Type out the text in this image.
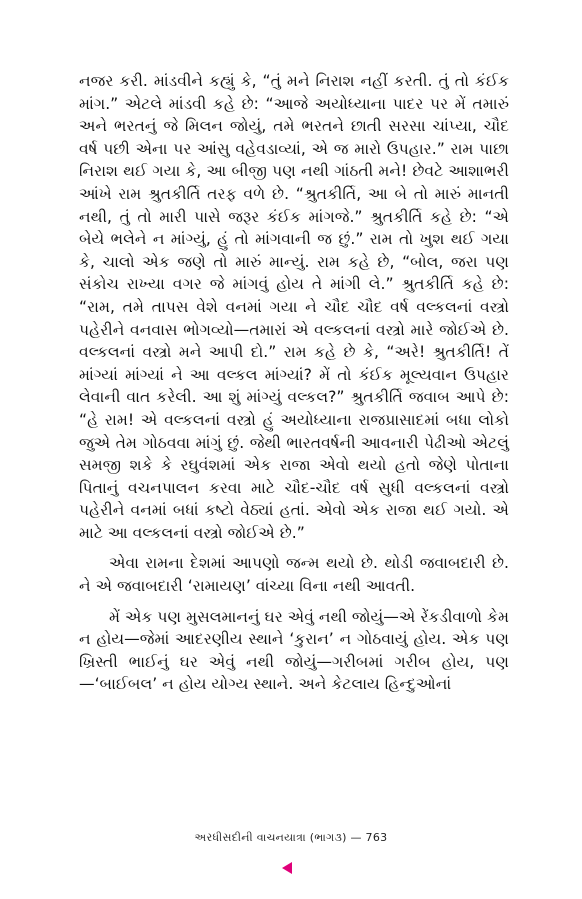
નજર કરી. માંડવીને કહ્યું કે, “તું મને નિરાશ નહીં કરતી. તું તો કંઈક માંગ.” એટલે માંડવી કહે છે: “આજે અયોધ્યાના પાદર પર મેં તમારું અને ભરતનું જે મિલન જોયું, તમે ભરતને છાતી સરસા ચાંપ્યા, ચૌદ વર્ષ પછી એના પર આંસુ વહેવડાવ્યાં, એ જ મારો ઉપહાર.” રામ પાછા નિરાશ થઈ ગયા કે, આ બીજી પણ નથી ગાંઠતી મને! છેવટે આશાભરી આંખે રામ શ્રુતકીર્તિ તરફ વળે છે. “શ્રુતકીર્તિ, આ બે તો મારું માનતી નથી, તું તો મારી પાસે જરૂર કંઈક માંગજે.” શ્રુતકીર્તિ કહે છે: “એ બેયે ભલેને ન માંગ્યું, હું તો માંગવાની જ છું.” રામ તો ખુશ થઈ ગયા કે, ચાલો એક જણે તો મારું માન્યું. રામ કહે છે, “બોલ, જરા પણ સંકોચ રાખ્યા વગર જે માંગવું હોય તે માંગી લે.” શ્રુતકીર્તિ કહે છે: “રામ, તમે તાપસ વેશે વનમાં ગયા ને ચૌદ ચૌદ વર્ષ વલ્કલનાં વસ્ત્રો પહેરીને વનવાસ ભોગવ્યો—તમારાં એ વલ્કલનાં વસ્ત્રો મારે જોઈએ છે. વલ્કલનાં વસ્ત્રો મને આપી દો.” રામ કહે છે કે, “અરે! શ્રુતકીર્તિ! તેં માંગ્યાં માંગ્યાં ને આ વલ્કલ માંગ્યાં? મેં તો કંઈક મૂલ્યવાન ઉપહાર લેવાની વાત કરેલી. આ શું માંગ્યું વલ્કલ?” શ્રુતકીર્તિ જવાબ આપે છે: “હે રામ! એ વલ્કલનાં વસ્ત્રો હું અયોધ્યાના રાજપ્રાસાદમાં બધા લોકો જુએ તેમ ગોઠવવા માંગું છું. જેથી ભારતવર્ષની આવનારી પેઢીઓ એટલું સમજી શકે કે રઘુવંશમાં એક રાજા એવો થયો હતો જેણે પોતાના પિતાનું વચનપાલન કરવા માટે ચૌદ-ચૌદ વર્ષ સુધી વલ્કલનાં વસ્ત્રો પહેરીને વનમાં બધાં કષ્ટો વેઠ્યાં હતાં. એવો એક રાજા થઈ ગયો. એ માટે આ વલ્કલનાં વસ્ત્રો જોઈએ છે.”

એવા રામના દેશમાં આપણો જન્મ થયો છે. થોડી જવાબદારી છે. ને એ જવાબદારી ‘રામાયણ’ વાંચ્યા વિના નથી આવતી.

મેં એક પણ મુસલમાનનું ઘર એવું નથી જોયું—એ રેંકડીવાળો કેમ ન હોય—જેમાં આદરણીય સ્થાને ‘કુરાન’ ન ગોઠવાયું હોય. એક પણ ખ્રિસ્તી ભાઈનું ઘર એવું નથી જોયું—ગરીબમાં ગરીબ હોય, પણ—‘બાઈબલ’ ન હોય યોગ્ય સ્થાને. અને કેટલાય હિન્દુઓનાં

અરધીસદીની વાચનયાત્રા (ભાગ૩) — 763
